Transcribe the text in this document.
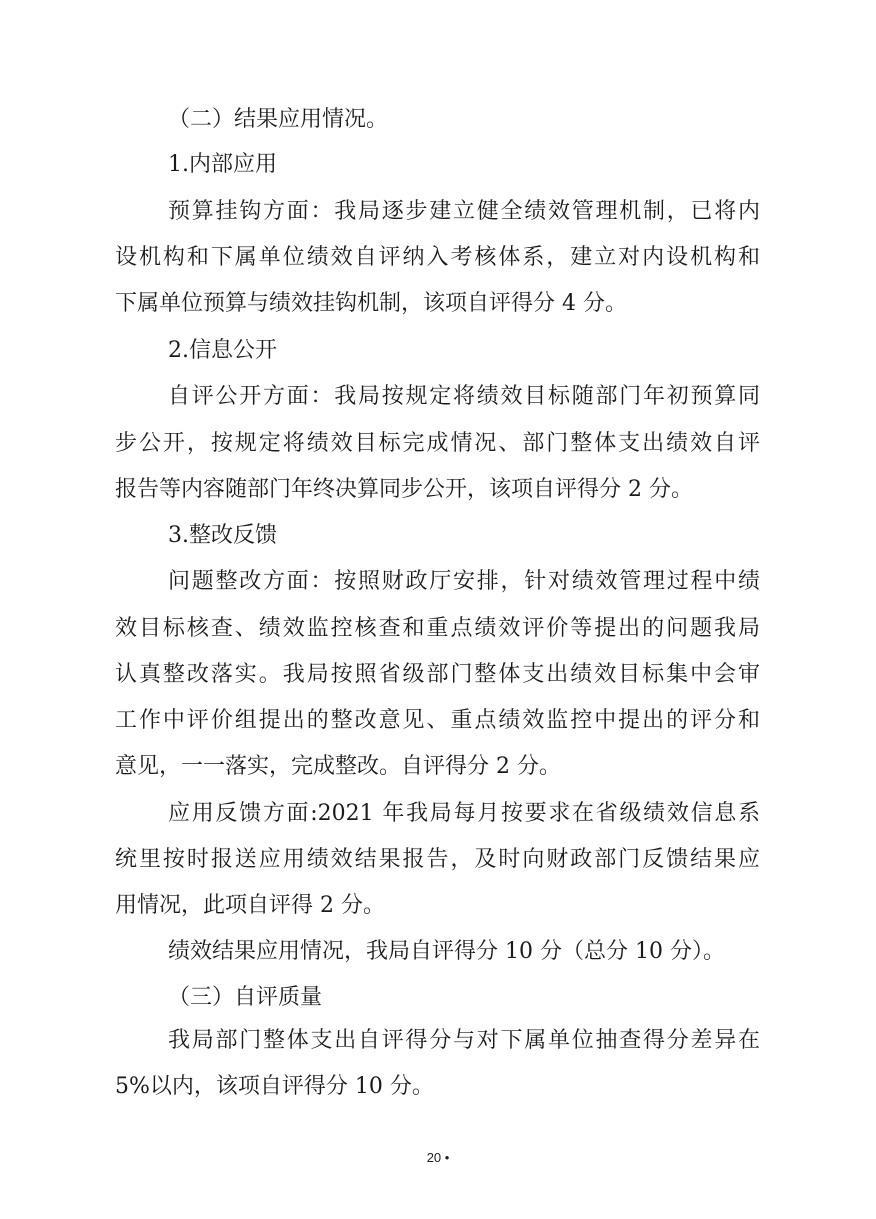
（二）结果应用情况。
1.内部应用
预算挂钩方面：我局逐步建立健全绩效管理机制，已将内
设机构和下属单位绩效自评纳入考核体系，建立对内设机构和
下属单位预算与绩效挂钩机制，该项自评得分 4 分。
2.信息公开
自评公开方面：我局按规定将绩效目标随部门年初预算同
步公开，按规定将绩效目标完成情况、部门整体支出绩效自评
报告等内容随部门年终决算同步公开，该项自评得分 2 分。
3.整改反馈
问题整改方面：按照财政厅安排，针对绩效管理过程中绩
效目标核查、绩效监控核查和重点绩效评价等提出的问题我局
认真整改落实。我局按照省级部门整体支出绩效目标集中会审
工作中评价组提出的整改意见、重点绩效监控中提出的评分和
意见，一一落实，完成整改。自评得分 2 分。
应用反馈方面:2021 年我局每月按要求在省级绩效信息系
统里按时报送应用绩效结果报告，及时向财政部门反馈结果应
用情况，此项自评得 2 分。
绩效结果应用情况，我局自评得分 10 分（总分 10 分）。
（三）自评质量
我局部门整体支出自评得分与对下属单位抽查得分差异在
5%以内，该项自评得分 10 分。
20 •
